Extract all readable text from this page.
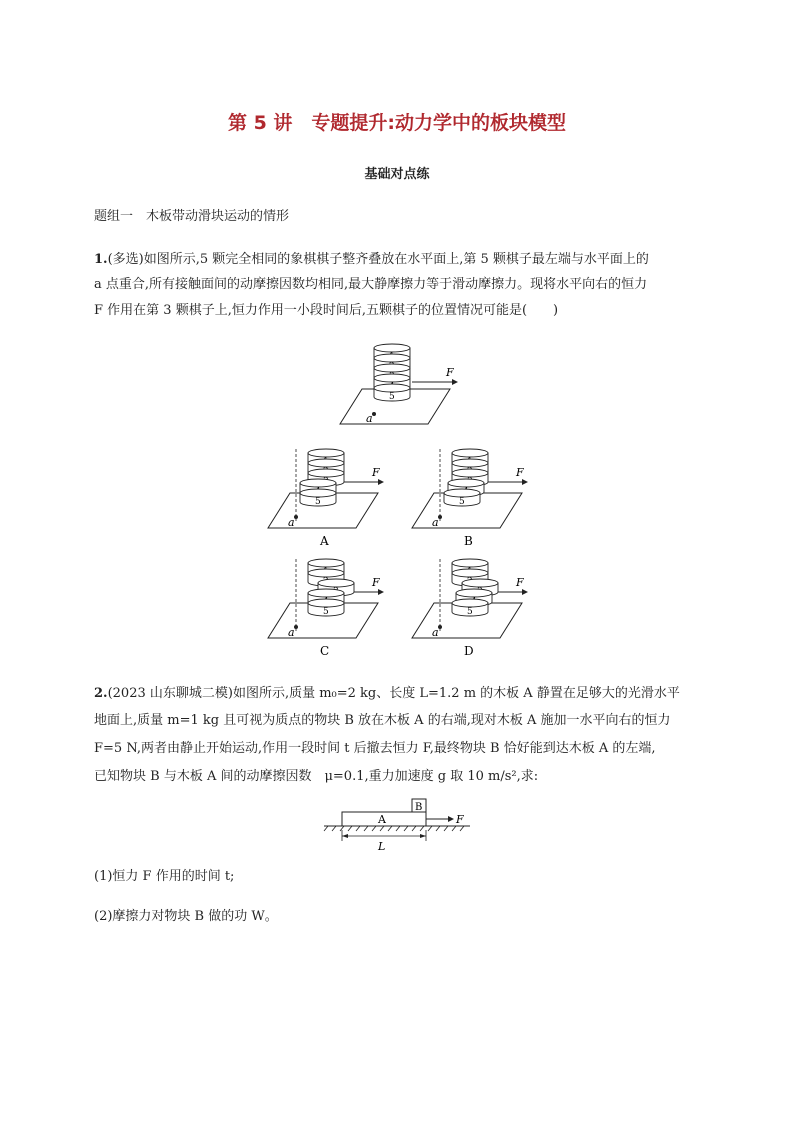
第 5 讲　专题提升:动力学中的板块模型
基础对点练
题组一　木板带动滑块运动的情形
1.(多选)如图所示,5 颗完全相同的象棋棋子整齐叠放在水平面上,第 5 颗棋子最左端与水平面上的
a 点重合,所有接触面间的动摩擦因数均相同,最大静摩擦力等于滑动摩擦力。现将水平向右的恒力
F 作用在第 3 颗棋子上,恒力作用一小段时间后,五颗棋子的位置情况可能是(　　)
5
F
a
5
F
a
A
5
F
a
B
5
F
a
C
5
F
a
D
2.(2023 山东聊城二模)如图所示,质量 m₀=2 kg、长度 L=1.2 m 的木板 A 静置在足够大的光滑水平
地面上,质量 m=1 kg 且可视为质点的物块 B 放在木板 A 的右端,现对木板 A 施加一水平向右的恒力
F=5 N,两者由静止开始运动,作用一段时间 t 后撤去恒力 F,最终物块 B 恰好能到达木板 A 的左端,
已知物块 B 与木板 A 间的动摩擦因数　μ=0.1,重力加速度 g 取 10 m/s²,求:
A
B
F
L
(1)恒力 F 作用的时间 t;
(2)摩擦力对物块 B 做的功 W。
